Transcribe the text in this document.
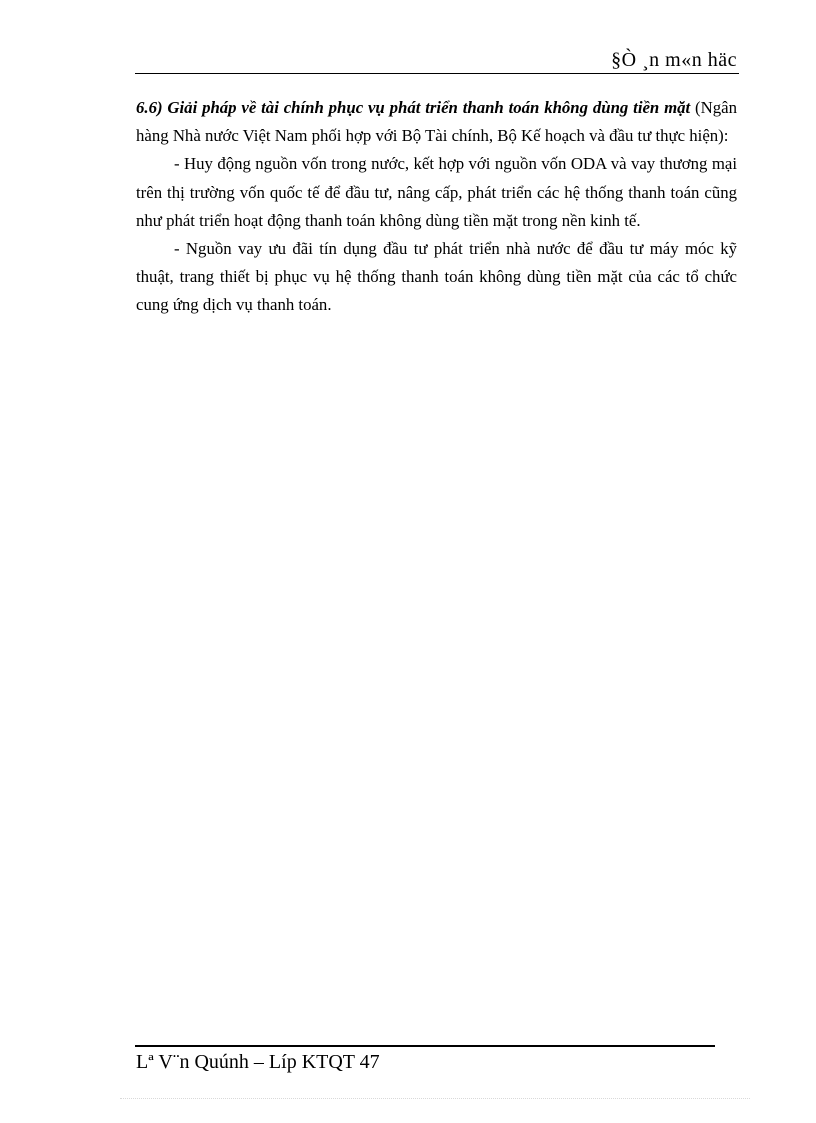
§Ò ¸n m«n häc

6.6) Giải pháp về tài chính phục vụ phát triển thanh toán không dùng tiền mặt (Ngân hàng Nhà nước Việt Nam phối hợp với Bộ Tài chính, Bộ Kế hoạch và đầu tư thực hiện):

- Huy động nguồn vốn trong nước, kết hợp với nguồn vốn ODA và vay thương mại trên thị trường vốn quốc tế để đầu tư, nâng cấp, phát triển các hệ thống thanh toán cũng như phát triển hoạt động thanh toán không dùng tiền mặt trong nền kinh tế.

- Nguồn vay ưu đãi tín dụng đầu tư phát triển nhà nước để đầu tư máy móc kỹ thuật, trang thiết bị phục vụ hệ thống thanh toán không dùng tiền mặt của các tổ chức cung ứng dịch vụ thanh toán.

Lª V¨n Quúnh – Líp KTQT 47
